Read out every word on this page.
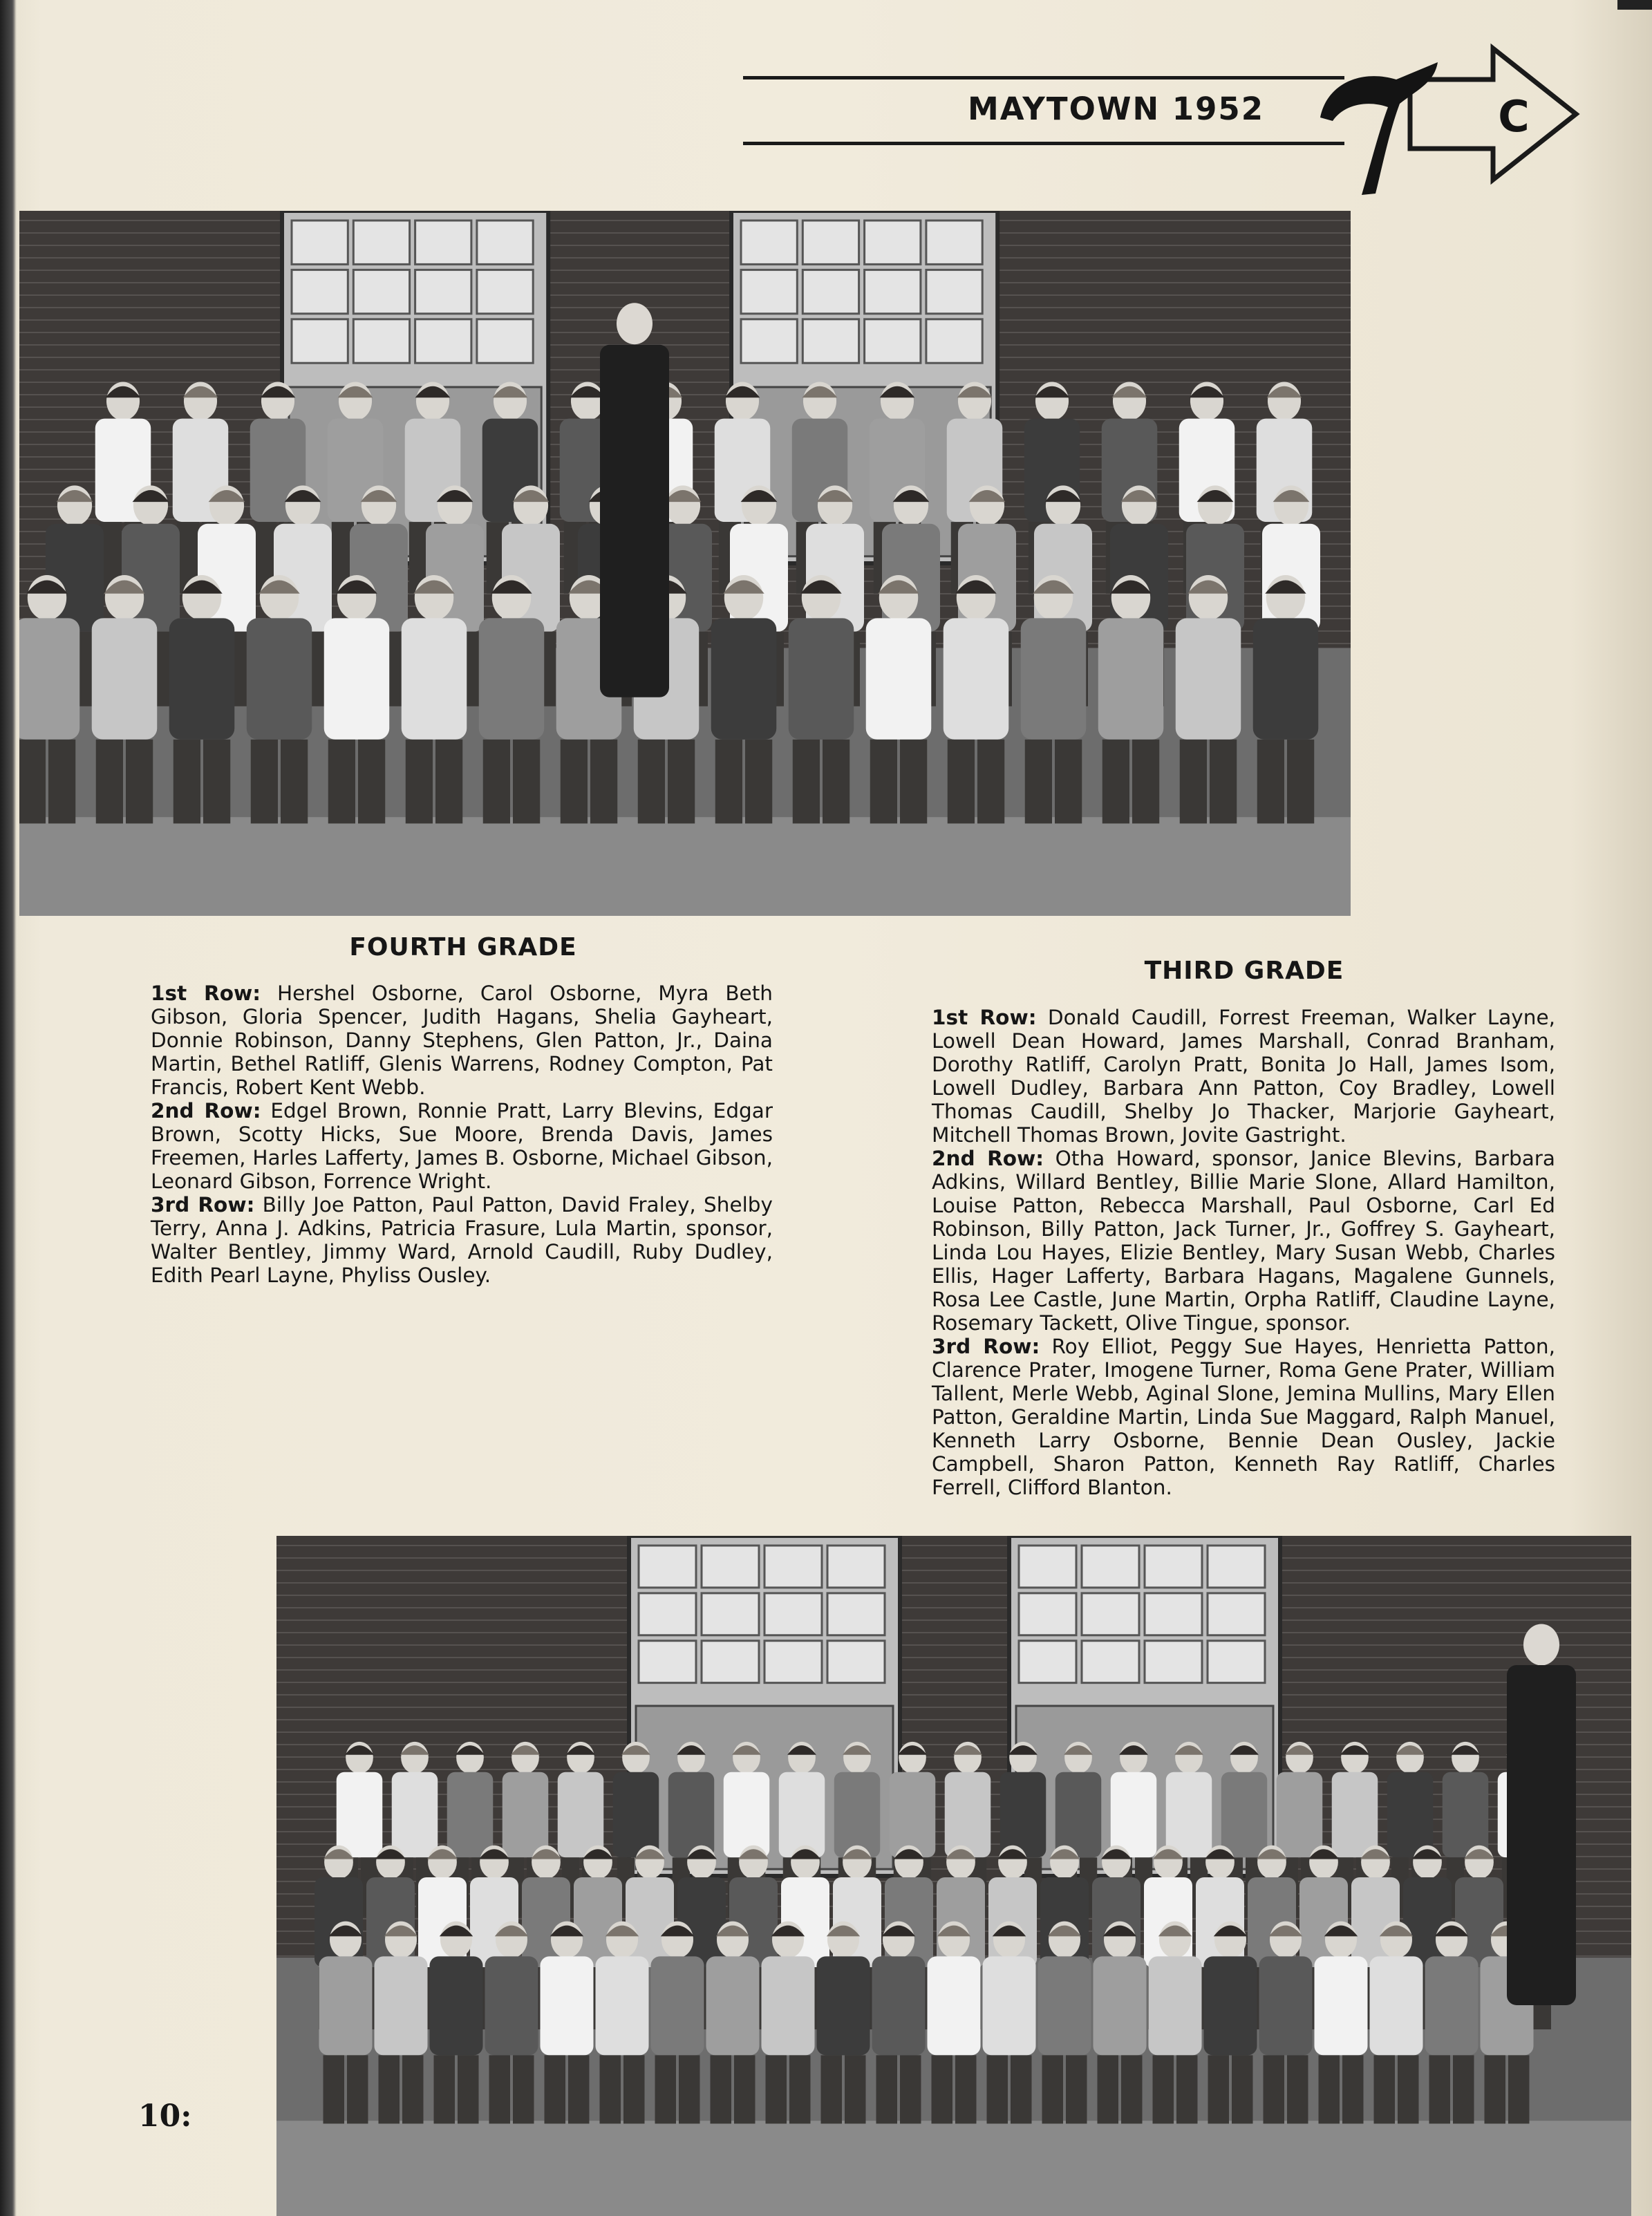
MAYTOWN 1952	C
FOURTH GRADE

1st Row: Hershel Osborne, Carol Osborne, Myra Beth Gibson, Gloria Spencer, Judith Hagans, Shelia Gayheart, Donnie Robinson, Danny Stephens, Glen Patton, Jr., Daina Martin, Bethel Ratliff, Glenis Warrens, Rodney Compton, Pat Francis, Robert Kent Webb.

2nd Row: Edgel Brown, Ronnie Pratt, Larry Blevins, Edgar Brown, Scotty Hicks, Sue Moore, Brenda Davis, James Freemen, Harles Lafferty, James B. Osborne, Michael Gibson, Leonard Gibson, Forrence Wright.

3rd Row: Billy Joe Patton, Paul Patton, David Fraley, Shelby Terry, Anna J. Adkins, Patricia Frasure, Lula Martin, sponsor, Walter Bentley, Jimmy Ward, Arnold Caudill, Ruby Dudley, Edith Pearl Layne, Phyliss Ousley.

THIRD GRADE

1st Row: Donald Caudill, Forrest Freeman, Walker Layne, Lowell Dean Howard, James Marshall, Conrad Branham, Dorothy Ratliff, Carolyn Pratt, Bonita Jo Hall, James Isom, Lowell Dudley, Barbara Ann Patton, Coy Bradley, Lowell Thomas Caudill, Shelby Jo Thacker, Marjorie Gayheart, Mitchell Thomas Brown, Jovite Gastright.

2nd Row: Otha Howard, sponsor, Janice Blevins, Barbara Adkins, Willard Bentley, Billie Marie Slone, Allard Hamilton, Louise Patton, Rebecca Marshall, Paul Osborne, Carl Ed Robinson, Billy Patton, Jack Turner, Jr., Goffrey S. Gayheart, Linda Lou Hayes, Elizie Bentley, Mary Susan Webb, Charles Ellis, Hager Lafferty, Barbara Hagans, Magalene Gunnels, Rosa Lee Castle, June Martin, Orpha Ratliff, Claudine Layne, Rosemary Tackett, Olive Tingue, sponsor.

3rd Row: Roy Elliot, Peggy Sue Hayes, Henrietta Patton, Clarence Prater, Imogene Turner, Roma Gene Prater, William Tallent, Merle Webb, Aginal Slone, Jemina Mullins, Mary Ellen Patton, Geraldine Martin, Linda Sue Maggard, Ralph Manuel, Kenneth Larry Osborne, Bennie Dean Ousley, Jackie Campbell, Sharon Patton, Kenneth Ray Ratliff, Charles Ferrell, Clifford Blanton.

10:
